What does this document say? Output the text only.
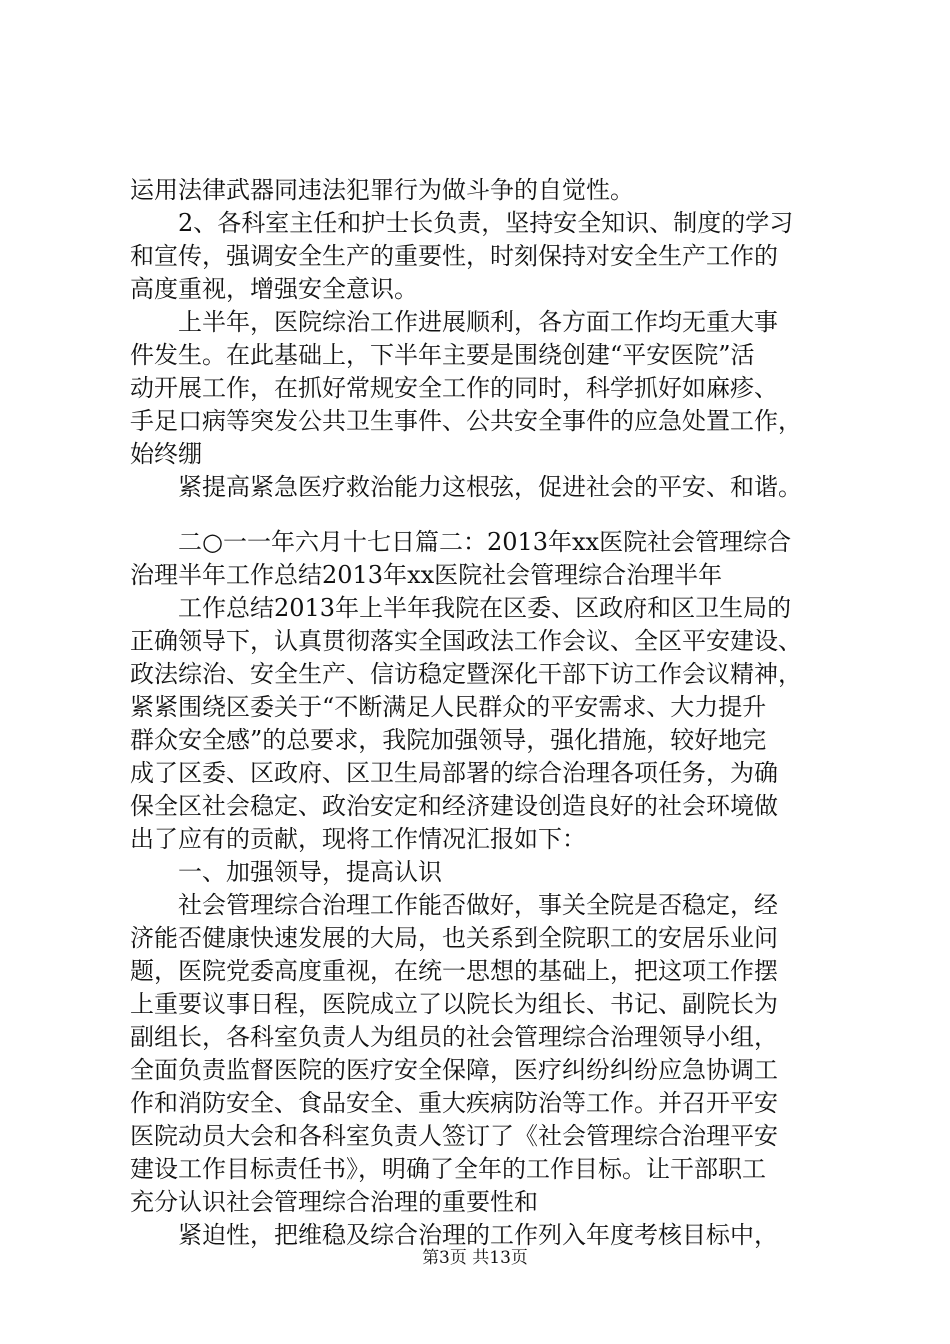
运用法律武器同违法犯罪行为做斗争的自觉性。
2、各科室主任和护士长负责，坚持安全知识、制度的学习
和宣传，强调安全生产的重要性，时刻保持对安全生产工作的
高度重视，增强安全意识。
上半年，医院综治工作进展顺利，各方面工作均无重大事
件发生。在此基础上，下半年主要是围绕创建“平安医院”活
动开展工作，在抓好常规安全工作的同时，科学抓好如麻疹、
手足口病等突发公共卫生事件、公共安全事件的应急处置工作，
始终绷
紧提高紧急医疗救治能力这根弦，促进社会的平安、和谐。
二○一一年六月十七日篇二：2013年xx医院社会管理综合
治理半年工作总结2013年xx医院社会管理综合治理半年
工作总结2013年上半年我院在区委、区政府和区卫生局的
正确领导下，认真贯彻落实全国政法工作会议、全区平安建设、
政法综治、安全生产、信访稳定暨深化干部下访工作会议精神，
紧紧围绕区委关于“不断满足人民群众的平安需求、大力提升
群众安全感”的总要求，我院加强领导，强化措施，较好地完
成了区委、区政府、区卫生局部署的综合治理各项任务，为确
保全区社会稳定、政治安定和经济建设创造良好的社会环境做
出了应有的贡献，现将工作情况汇报如下：
一、加强领导，提高认识
社会管理综合治理工作能否做好，事关全院是否稳定，经
济能否健康快速发展的大局，也关系到全院职工的安居乐业问
题，医院党委高度重视，在统一思想的基础上，把这项工作摆
上重要议事日程，医院成立了以院长为组长、书记、副院长为
副组长，各科室负责人为组员的社会管理综合治理领导小组，
全面负责监督医院的医疗安全保障，医疗纠纷纠纷应急协调工
作和消防安全、食品安全、重大疾病防治等工作。并召开平安
医院动员大会和各科室负责人签订了《社会管理综合治理平安
建设工作目标责任书》，明确了全年的工作目标。让干部职工
充分认识社会管理综合治理的重要性和
紧迫性，把维稳及综合治理的工作列入年度考核目标中，
第3页 共13页
